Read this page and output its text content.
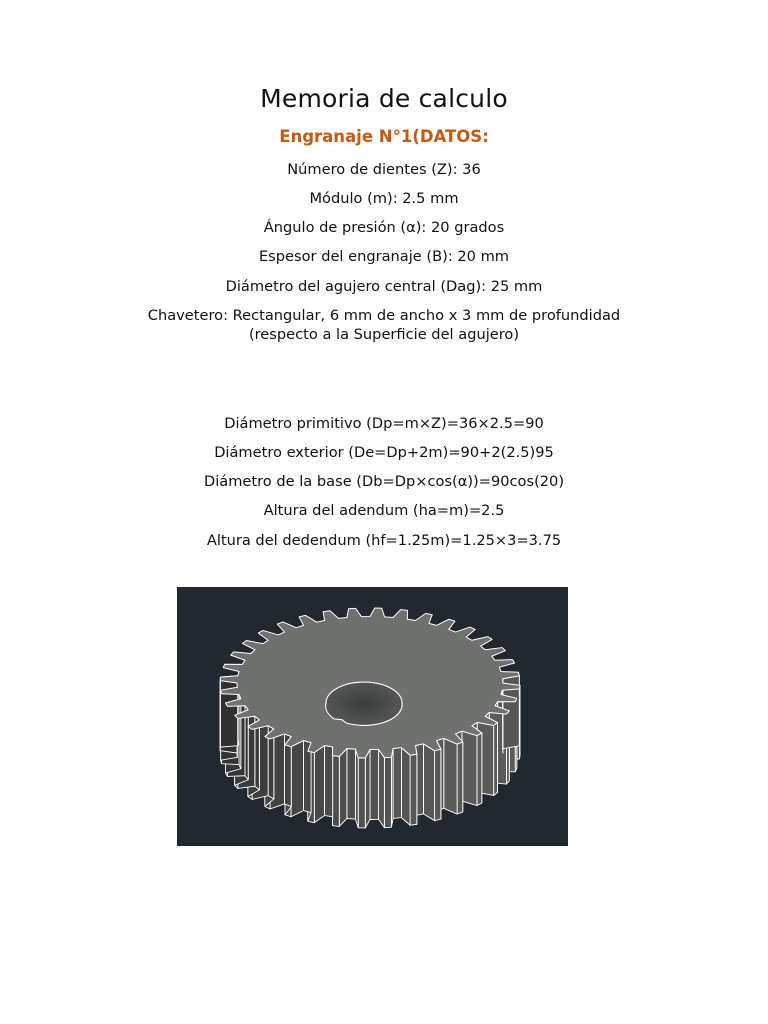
Memoria de calculo
Engranaje N°1(DATOS:

Número de dientes (Z): 36

Módulo (m): 2.5 mm

Ángulo de presión (α): 20 grados

Espesor del engranaje (B): 20 mm

Diámetro del agujero central (Dag): 25 mm

Chavetero: Rectangular, 6 mm de ancho x 3 mm de profundidad

(respecto a la Superficie del agujero)

Diámetro primitivo (Dp=m×Z)=36×2.5=90

Diámetro exterior (De=Dp+2m)=90+2(2.5)95

Diámetro de la base (Db=Dp×cos(α))=90cos(20)

Altura del adendum (ha=m)=2.5

Altura del dedendum (hf=1.25m)=1.25×3=3.75
